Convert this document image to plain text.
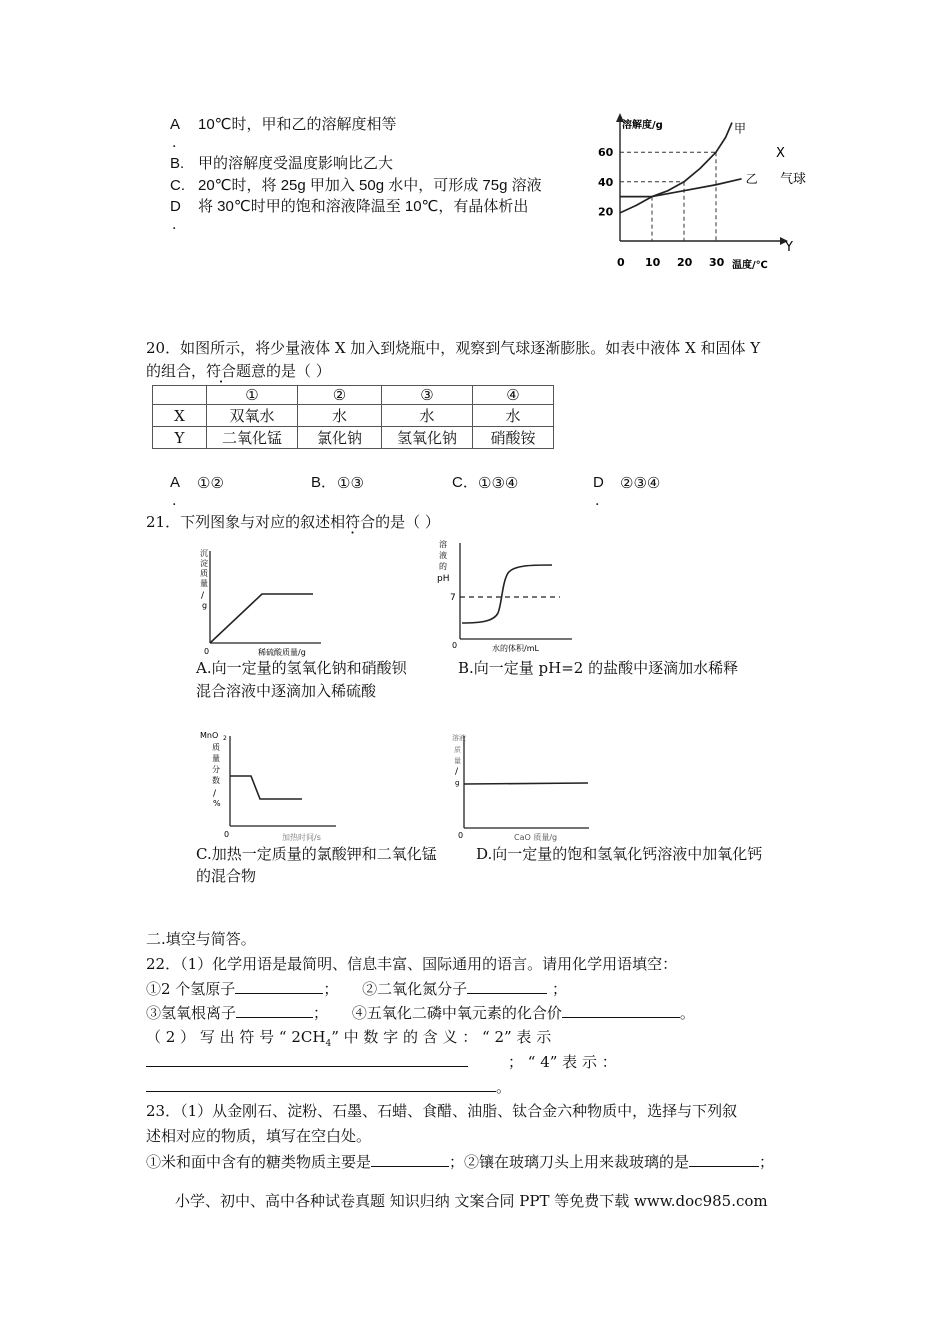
A 10℃时，甲和乙的溶解度相等
.
B. 甲的溶解度受温度影响比乙大
C. 20℃时，将 25g 甲加入 50g 水中，可形成 75g 溶液
D 将 30℃时甲的饱和溶液降温至 10℃，有晶体析出
.
0 10 20 30
20
40
60
溶解度/g
温度/℃
甲
乙
X
气球
Y
20．如图所示，将少量液体 X 加入到烧瓶中，观察到气球逐渐膨胀。如表中液体 X 和固体 Y
的组合，符合题意的是（ ）
	①	②	③	④
X	双氧水	水	水	水
Y	二氧化锰	氯化钠	氢氧化钠	硝酸铵
A ①②
.
B． ①③	C． ①③④	D ②③④
.
21．下列图象与对应的叙述相符合的是（ ）
沉
淀
质
量
/
g
0	稀硫酸质量/g
A.向一定量的氢氧化钠和硝酸钡
混合溶液中逐滴加入稀硫酸
溶
液
的
pH
7
0	水的体积/mL
B.向一定量 pH=2 的盐酸中逐滴加水稀释
MnO 2
质
量
分
数
/
%
0	加热时间/s
C.加热一定质量的氯酸钾和二氧化锰
的混合物
溶液
质
量
/
g
0	CaO 质量/g
D.向一定量的饱和氢氧化钙溶液中加氧化钙
二.填空与简答。
22．（1）化学用语是最简明、信息丰富、国际通用的语言。请用化学用语填空：
①2 个氢原子	；     ②二氧化氮分子	；
③氢氧根离子	；     ④五氧化二磷中氧元素的化合价	。
（ 2 ） 写 出 符 号 “ $2CH_4$” 中 数 字 的 含 义 ： “ 2” 表 示
； “ 4” 表 示 ：
。
23．（1）从金刚石、淀粉、石墨、石蜡、食醋、油脂、钛合金六种物质中，选择与下列叙
述相对应的物质，填写在空白处。
①米和面中含有的糖类物质主要是	；②镶在玻璃刀头上用来裁玻璃的是	；
小学、初中、高中各种试卷真题 知识归纳 文案合同 PPT 等免费下载 www.doc985.com
